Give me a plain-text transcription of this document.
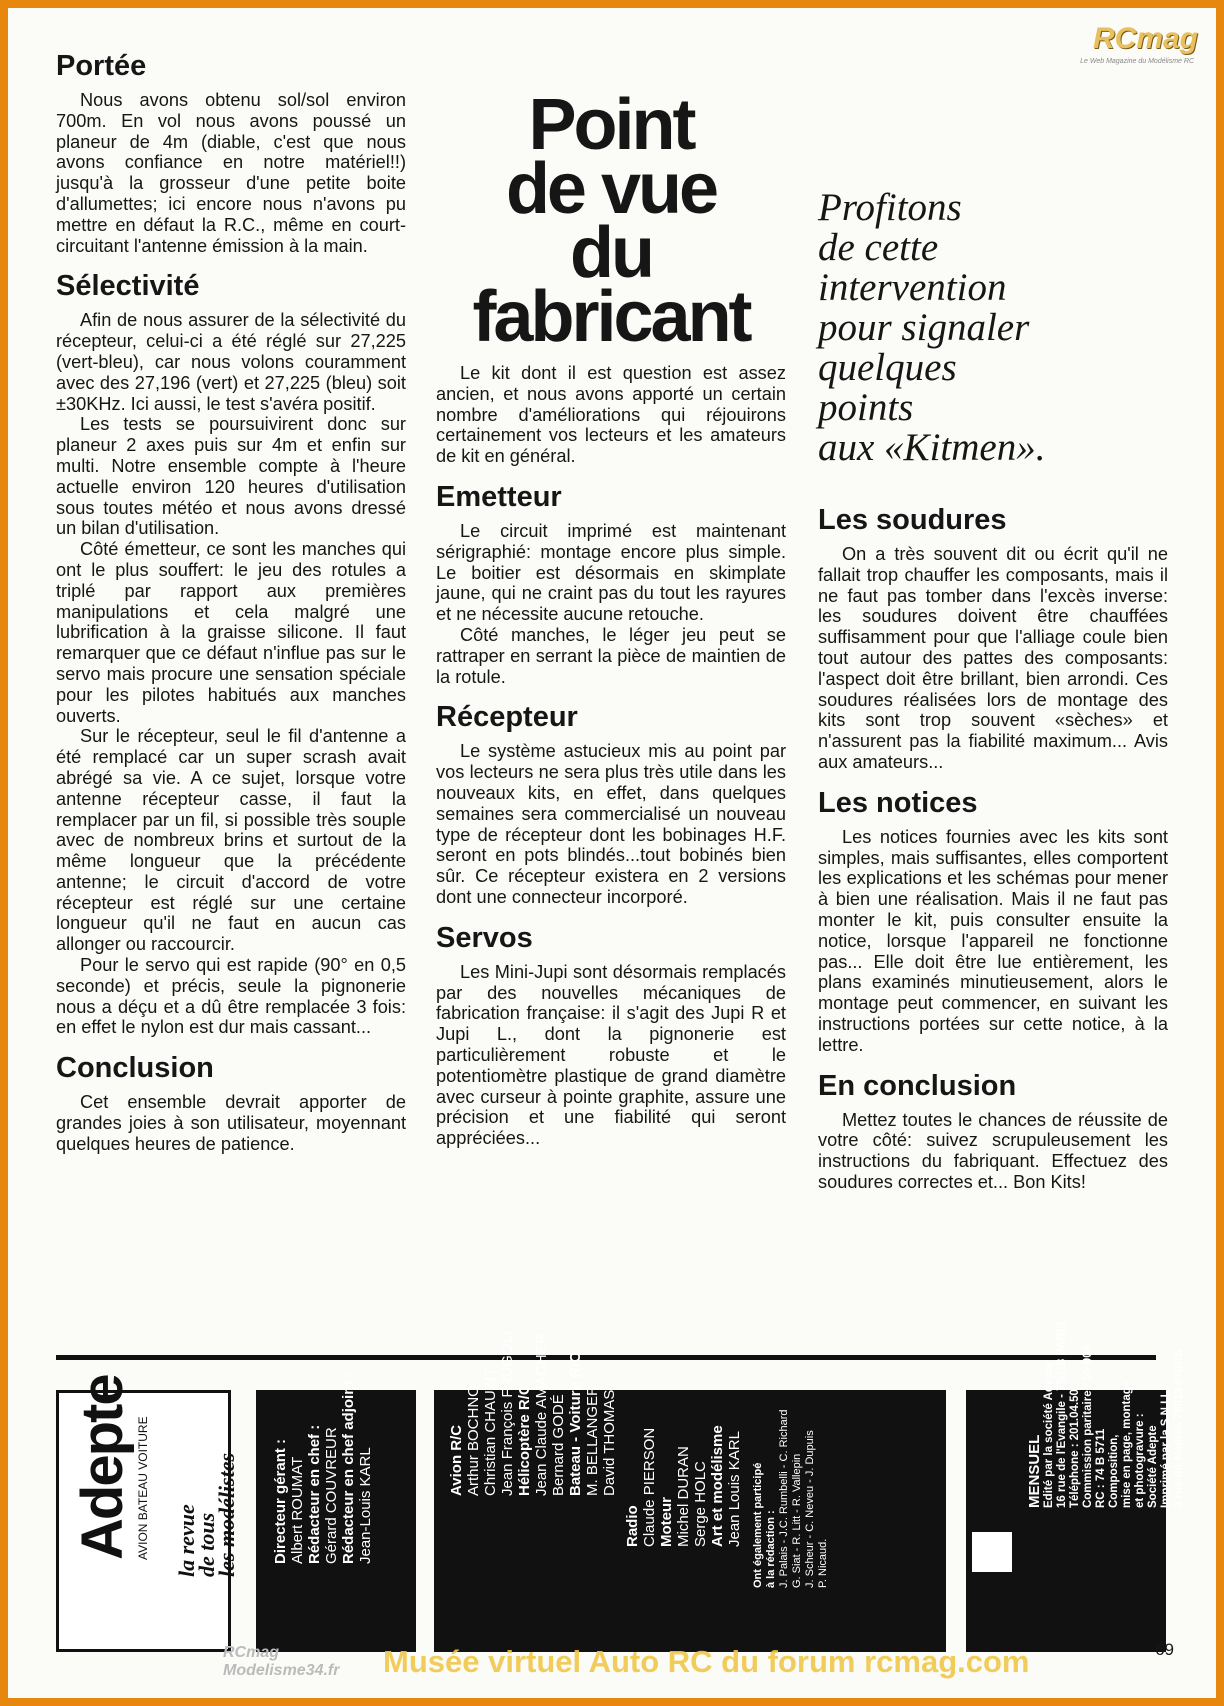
RCmag
Le Web Magazine du Modélisme RC
Portée

Nous avons obtenu sol/sol environ 700m. En vol nous avons poussé un planeur de 4m (diable, c'est que nous avons confiance en notre matériel!!) jusqu'à la grosseur d'une petite boite d'allumettes; ici encore nous n'avons pu mettre en défaut la R.C., même en court-circuitant l'antenne émission à la main.

Sélectivité

Afin de nous assurer de la sélectivité du récepteur, celui-ci a été réglé sur 27,225 (vert-bleu), car nous volons couramment avec des 27,196 (vert) et 27,225 (bleu) soit ±30KHz. Ici aussi, le test s'avéra positif.

Les tests se poursuivirent donc sur planeur 2 axes puis sur 4m et enfin sur multi. Notre ensemble compte à l'heure actuelle environ 120 heures d'utilisation sous toutes météo et nous avons dressé un bilan d'utilisation.

Côté émetteur, ce sont les manches qui ont le plus souffert: le jeu des rotules a triplé par rapport aux premières manipulations et cela malgré une lubrification à la graisse silicone. Il faut remarquer que ce défaut n'influe pas sur le servo mais procure une sensation spéciale pour les pilotes habitués aux manches ouverts.

Sur le récepteur, seul le fil d'antenne a été remplacé car un super scrash avait abrégé sa vie. A ce sujet, lorsque votre antenne récepteur casse, il faut la remplacer par un fil, si possible très souple avec de nombreux brins et surtout de la même longueur que la précédente antenne; le circuit d'accord de votre récepteur est réglé sur une certaine longueur qu'il ne faut en aucun cas allonger ou raccourcir.

Pour le servo qui est rapide (90° en 0,5 seconde) et précis, seule la pignonerie nous a déçu et a dû être remplacée 3 fois: en effet le nylon est dur mais cassant...

Conclusion

Cet ensemble devrait apporter de grandes joies à son utilisateur, moyennant quelques heures de patience.

Point
de vue
du
fabricant

Le kit dont il est question est assez ancien, et nous avons apporté un certain nombre d'améliorations qui réjouirons certainement vos lecteurs et les amateurs de kit en général.

Emetteur

Le circuit imprimé est maintenant sérigraphié: montage encore plus simple. Le boitier est désormais en skimplate jaune, qui ne craint pas du tout les rayures et ne nécessite aucune retouche.

Côté manches, le léger jeu peut se rattraper en serrant la pièce de maintien de la rotule.

Récepteur

Le système astucieux mis au point par vos lecteurs ne sera plus très utile dans les nouveaux kits, en effet, dans quelques semaines sera commercialisé un nouveau type de récepteur dont les bobinages H.F. seront en pots blindés...tout bobinés bien sûr. Ce récepteur existera en 2 versions dont une connecteur incorporé.

Servos

Les Mini-Jupi sont désormais remplacés par des nouvelles mécaniques de fabrication française: il s'agit des Jupi R et Jupi L., dont la pignonerie est particulièrement robuste et le potentiomètre plastique de grand diamètre avec curseur à pointe graphite, assure une précision et une fiabilité qui seront appréciées...

Profitons
de cette
intervention
pour signaler
quelques
points
aux «Kitmen».
Les soudures

On a très souvent dit ou écrit qu'il ne fallait trop chauffer les composants, mais il ne faut pas tomber dans l'excès inverse: les soudures doivent être chauffées suffisamment pour que l'alliage coule bien tout autour des pattes des composants: l'aspect doit être brillant, bien arrondi. Ces soudures réalisées lors de montage des kits sont trop souvent «sèches» et n'assurent pas la fiabilité maximum... Avis aux amateurs...

Les notices

Les notices fournies avec les kits sont simples, mais suffisantes, elles comportent les explications et les schémas pour mener à bien une réalisation. Mais il ne faut pas monter le kit, puis consulter ensuite la notice, lorsque l'appareil ne fonctionne pas... Elle doit être lue entièrement, les plans examinés minutieusement, alors le montage peut commencer, en suivant les instructions portées sur cette notice, à la lettre.

En conclusion

Mettez toutes le chances de réussite de votre côté: suivez scrupuleusement les instructions du fabriquant. Effectuez des soudures correctes et... Bon Kits!

Adepte AVION BATEAU VOITURE la revue
de tous
les modélistes Directeur gérant : Albert ROUMAT Rédacteur en chef : Gérard COUVREUR Rédacteur en chef adjoint : Jean-Louis KARL	Avion R/C Arthur BOCHNO Christian CHAUZIT Jean François FRUGOLI Hélicoptère R/C Jean Claude AMACHER Bernard GODÉ Bateau - Voiture R/C M. BELLANGER David THOMAS
Radio Claude PIERSON Moteur Michel DURAN Serge HOLC Art et modélisme Jean Louis KARL Ont également participé à la rédaction : J. Palais - J.C. Rumbelli - C. Richard G. Siat - R. Litt - R. Vallepin J. Scheur - C. Neveu - J. Dupuis P. Nicaud.
MENSUEL Edité par la société Adepte 16 rue de l'Evangile - 75018 PARIS Téléphone : 201.04.50 Commission paritaire : 55 906 RC : 74 B 5711 Composition, mise en page, montage et photogravure : Société Adepte Imprimé par la S.N.I.L. 3 rue de Nantes 75019 PARIS
RCmag
Modelisme34.fr Musée virtuel Auto RC du forum rcmag.com	69
